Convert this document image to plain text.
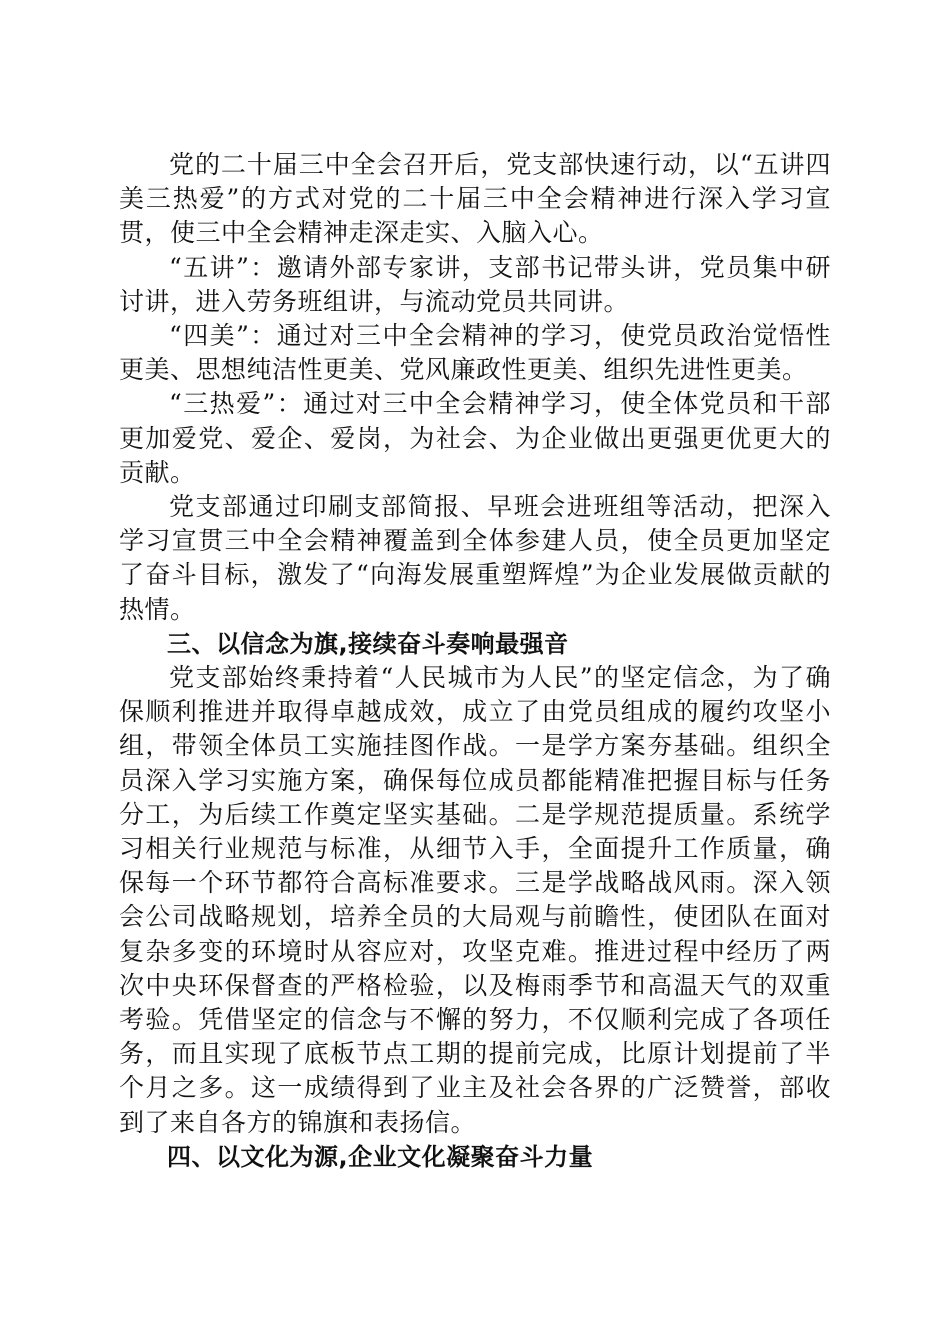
党的二十届三中全会召开后，党支部快速行动，以“五讲四美三热爱”的方式对党的二十届三中全会精神进行深入学习宣贯，使三中全会精神走深走实、入脑入心。

“五讲”：邀请外部专家讲，支部书记带头讲，党员集中研讨讲，进入劳务班组讲，与流动党员共同讲。

“四美”：通过对三中全会精神的学习，使党员政治觉悟性更美、思想纯洁性更美、党风廉政性更美、组织先进性更美。

“三热爱”：通过对三中全会精神学习，使全体党员和干部更加爱党、爱企、爱岗，为社会、为企业做出更强更优更大的贡献。

党支部通过印刷支部简报、早班会进班组等活动，把深入学习宣贯三中全会精神覆盖到全体参建人员，使全员更加坚定了奋斗目标，激发了“向海发展重塑辉煌”为企业发展做贡献的热情。

三、以信念为旗,接续奋斗奏响最强音

党支部始终秉持着“人民城市为人民”的坚定信念，为了确保顺利推进并取得卓越成效，成立了由党员组成的履约攻坚小组，带领全体员工实施挂图作战。一是学方案夯基础。组织全员深入学习实施方案，确保每位成员都能精准把握目标与任务分工，为后续工作奠定坚实基础。二是学规范提质量。系统学习相关行业规范与标准，从细节入手，全面提升工作质量，确保每一个环节都符合高标准要求。三是学战略战风雨。深入领会公司战略规划，培养全员的大局观与前瞻性，使团队在面对复杂多变的环境时从容应对，攻坚克难。推进过程中经历了两次中央环保督查的严格检验，以及梅雨季节和高温天气的双重考验。凭借坚定的信念与不懈的努力，不仅顺利完成了各项任务，而且实现了底板节点工期的提前完成，比原计划提前了半个月之多。这一成绩得到了业主及社会各界的广泛赞誉，部收到了来自各方的锦旗和表扬信。

四、以文化为源,企业文化凝聚奋斗力量
